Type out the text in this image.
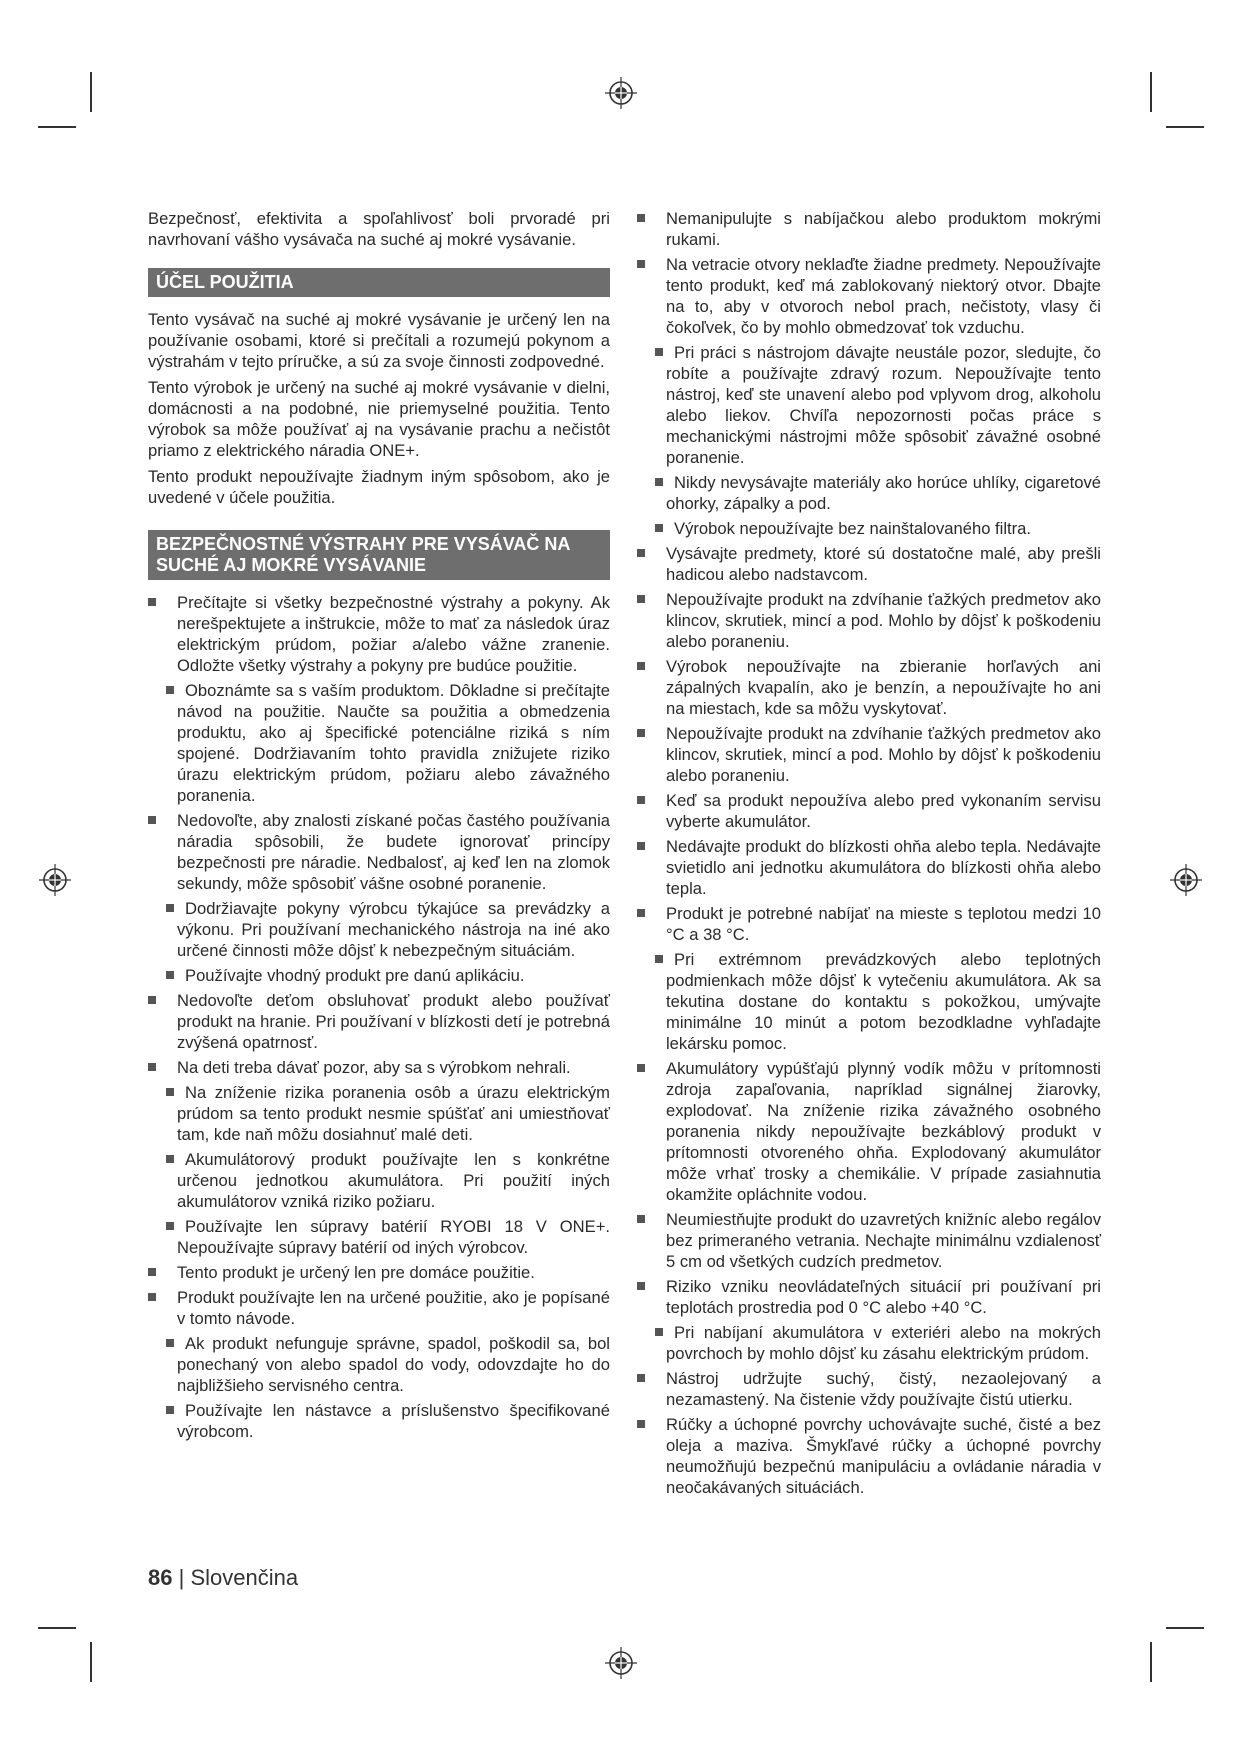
Bezpečnosť, efektivita a spoľahlivosť boli prvoradé pri navrhovaní vášho vysávača na suché aj mokré vysávanie.

ÚČEL POUŽITIA

Tento vysávač na suché aj mokré vysávanie je určený len na používanie osobami, ktoré si prečítali a rozumejú pokynom a výstrahám v tejto príručke, a sú za svoje činnosti zodpovedné.

Tento výrobok je určený na suché aj mokré vysávanie v dielni, domácnosti a na podobné, nie priemyselné použitia. Tento výrobok sa môže používať aj na vysávanie prachu a nečistôt priamo z elektrického náradia ONE+.

Tento produkt nepoužívajte žiadnym iným spôsobom, ako je uvedené v účele použitia.

BEZPEČNOSTNÉ VÝSTRAHY PRE VYSÁVAČ NA
SUCHÉ AJ MOKRÉ VYSÁVANIE
Prečítajte si všetky bezpečnostné výstrahy a pokyny. Ak nerešpektujete a inštrukcie, môže to mať za následok úraz elektrickým prúdom, požiar a/alebo vážne zranenie. Odložte všetky výstrahy a pokyny pre budúce použitie.
Oboznámte sa s vaším produktom. Dôkladne si prečítajte návod na použitie. Naučte sa použitia a obmedzenia produktu, ako aj špecifické potenciálne riziká s ním spojené. Dodržiavaním tohto pravidla znižujete riziko úrazu elektrickým prúdom, požiaru alebo závažného poranenia.
Nedovoľte, aby znalosti získané počas častého používania náradia spôsobili, že budete ignorovať princípy bezpečnosti pre náradie. Nedbalosť, aj keď len na zlomok sekundy, môže spôsobiť vášne osobné poranenie.
Dodržiavajte pokyny výrobcu týkajúce sa prevádzky a výkonu. Pri používaní mechanického nástroja na iné ako určené činnosti môže dôjsť k nebezpečným situáciám.
Používajte vhodný produkt pre danú aplikáciu.
Nedovoľte deťom obsluhovať produkt alebo používať produkt na hranie. Pri používaní v blízkosti detí je potrebná zvýšená opatrnosť.
Na deti treba dávať pozor, aby sa s výrobkom nehrali.
Na zníženie rizika poranenia osôb a úrazu elektrickým prúdom sa tento produkt nesmie spúšťať ani umiestňovať tam, kde naň môžu dosiahnuť malé deti.
Akumulátorový produkt používajte len s konkrétne určenou jednotkou akumulátora. Pri použití iných akumulátorov vzniká riziko požiaru.
Používajte len súpravy batérií RYOBI 18 V ONE+. Nepoužívajte súpravy batérií od iných výrobcov.
Tento produkt je určený len pre domáce použitie.
Produkt používajte len na určené použitie, ako je popísané v tomto návode.
Ak produkt nefunguje správne, spadol, poškodil sa, bol ponechaný von alebo spadol do vody, odovzdajte ho do najbližšieho servisného centra.
Používajte len nástavce a príslušenstvo špecifikované výrobcom.
Nemanipulujte s nabíjačkou alebo produktom mokrými rukami.
Na vetracie otvory neklaďte žiadne predmety. Nepoužívajte tento produkt, keď má zablokovaný niektorý otvor. Dbajte na to, aby v otvoroch nebol prach, nečistoty, vlasy či čokoľvek, čo by mohlo obmedzovať tok vzduchu.
Pri práci s nástrojom dávajte neustále pozor, sledujte, čo robíte a používajte zdravý rozum. Nepoužívajte tento nástroj, keď ste unavení alebo pod vplyvom drog, alkoholu alebo liekov. Chvíľa nepozornosti počas práce s mechanickými nástrojmi môže spôsobiť závažné osobné poranenie.
Nikdy nevysávajte materiály ako horúce uhlíky, cigaretové ohorky, zápalky a pod.
Výrobok nepoužívajte bez nainštalovaného filtra.
Vysávajte predmety, ktoré sú dostatočne malé, aby prešli hadicou alebo nadstavcom.
Nepoužívajte produkt na zdvíhanie ťažkých predmetov ako klincov, skrutiek, mincí a pod. Mohlo by dôjsť k poškodeniu alebo poraneniu.
Výrobok nepoužívajte na zbieranie horľavých ani zápalných kvapalín, ako je benzín, a nepoužívajte ho ani na miestach, kde sa môžu vyskytovať.
Nepoužívajte produkt na zdvíhanie ťažkých predmetov ako klincov, skrutiek, mincí a pod. Mohlo by dôjsť k poškodeniu alebo poraneniu.
Keď sa produkt nepoužíva alebo pred vykonaním servisu vyberte akumulátor.
Nedávajte produkt do blízkosti ohňa alebo tepla. Nedávajte svietidlo ani jednotku akumulátora do blízkosti ohňa alebo tepla.
Produkt je potrebné nabíjať na mieste s teplotou medzi 10 °C a 38 °C.
Pri extrémnom prevádzkových alebo teplotných podmienkach môže dôjsť k vytečeniu akumulátora. Ak sa tekutina dostane do kontaktu s pokožkou, umývajte minimálne 10 minút a potom bezodkladne vyhľadajte lekársku pomoc.
Akumulátory vypúšťajú plynný vodík môžu v prítomnosti zdroja zapaľovania, napríklad signálnej žiarovky, explodovať. Na zníženie rizika závažného osobného poranenia nikdy nepoužívajte bezkáblový produkt v prítomnosti otvoreného ohňa. Explodovaný akumulátor môže vrhať trosky a chemikálie. V prípade zasiahnutia okamžite opláchnite vodou.
Neumiestňujte produkt do uzavretých knižníc alebo regálov bez primeraného vetrania. Nechajte minimálnu vzdialenosť 5 cm od všetkých cudzích predmetov.
Riziko vzniku neovládateľných situácií pri používaní pri teplotách prostredia pod 0 °C alebo +40 °C.
Pri nabíjaní akumulátora v exteriéri alebo na mokrých povrchoch by mohlo dôjsť ku zásahu elektrickým prúdom.
Nástroj udržujte suchý, čistý, nezaolejovaný a nezamastený. Na čistenie vždy používajte čistú utierku.
Rúčky a úchopné povrchy uchovávajte suché, čisté a bez oleja a maziva. Šmykľavé rúčky a úchopné povrchy neumožňujú bezpečnú manipuláciu a ovládanie náradia v neočakávaných situáciách.
86 | Slovenčina
